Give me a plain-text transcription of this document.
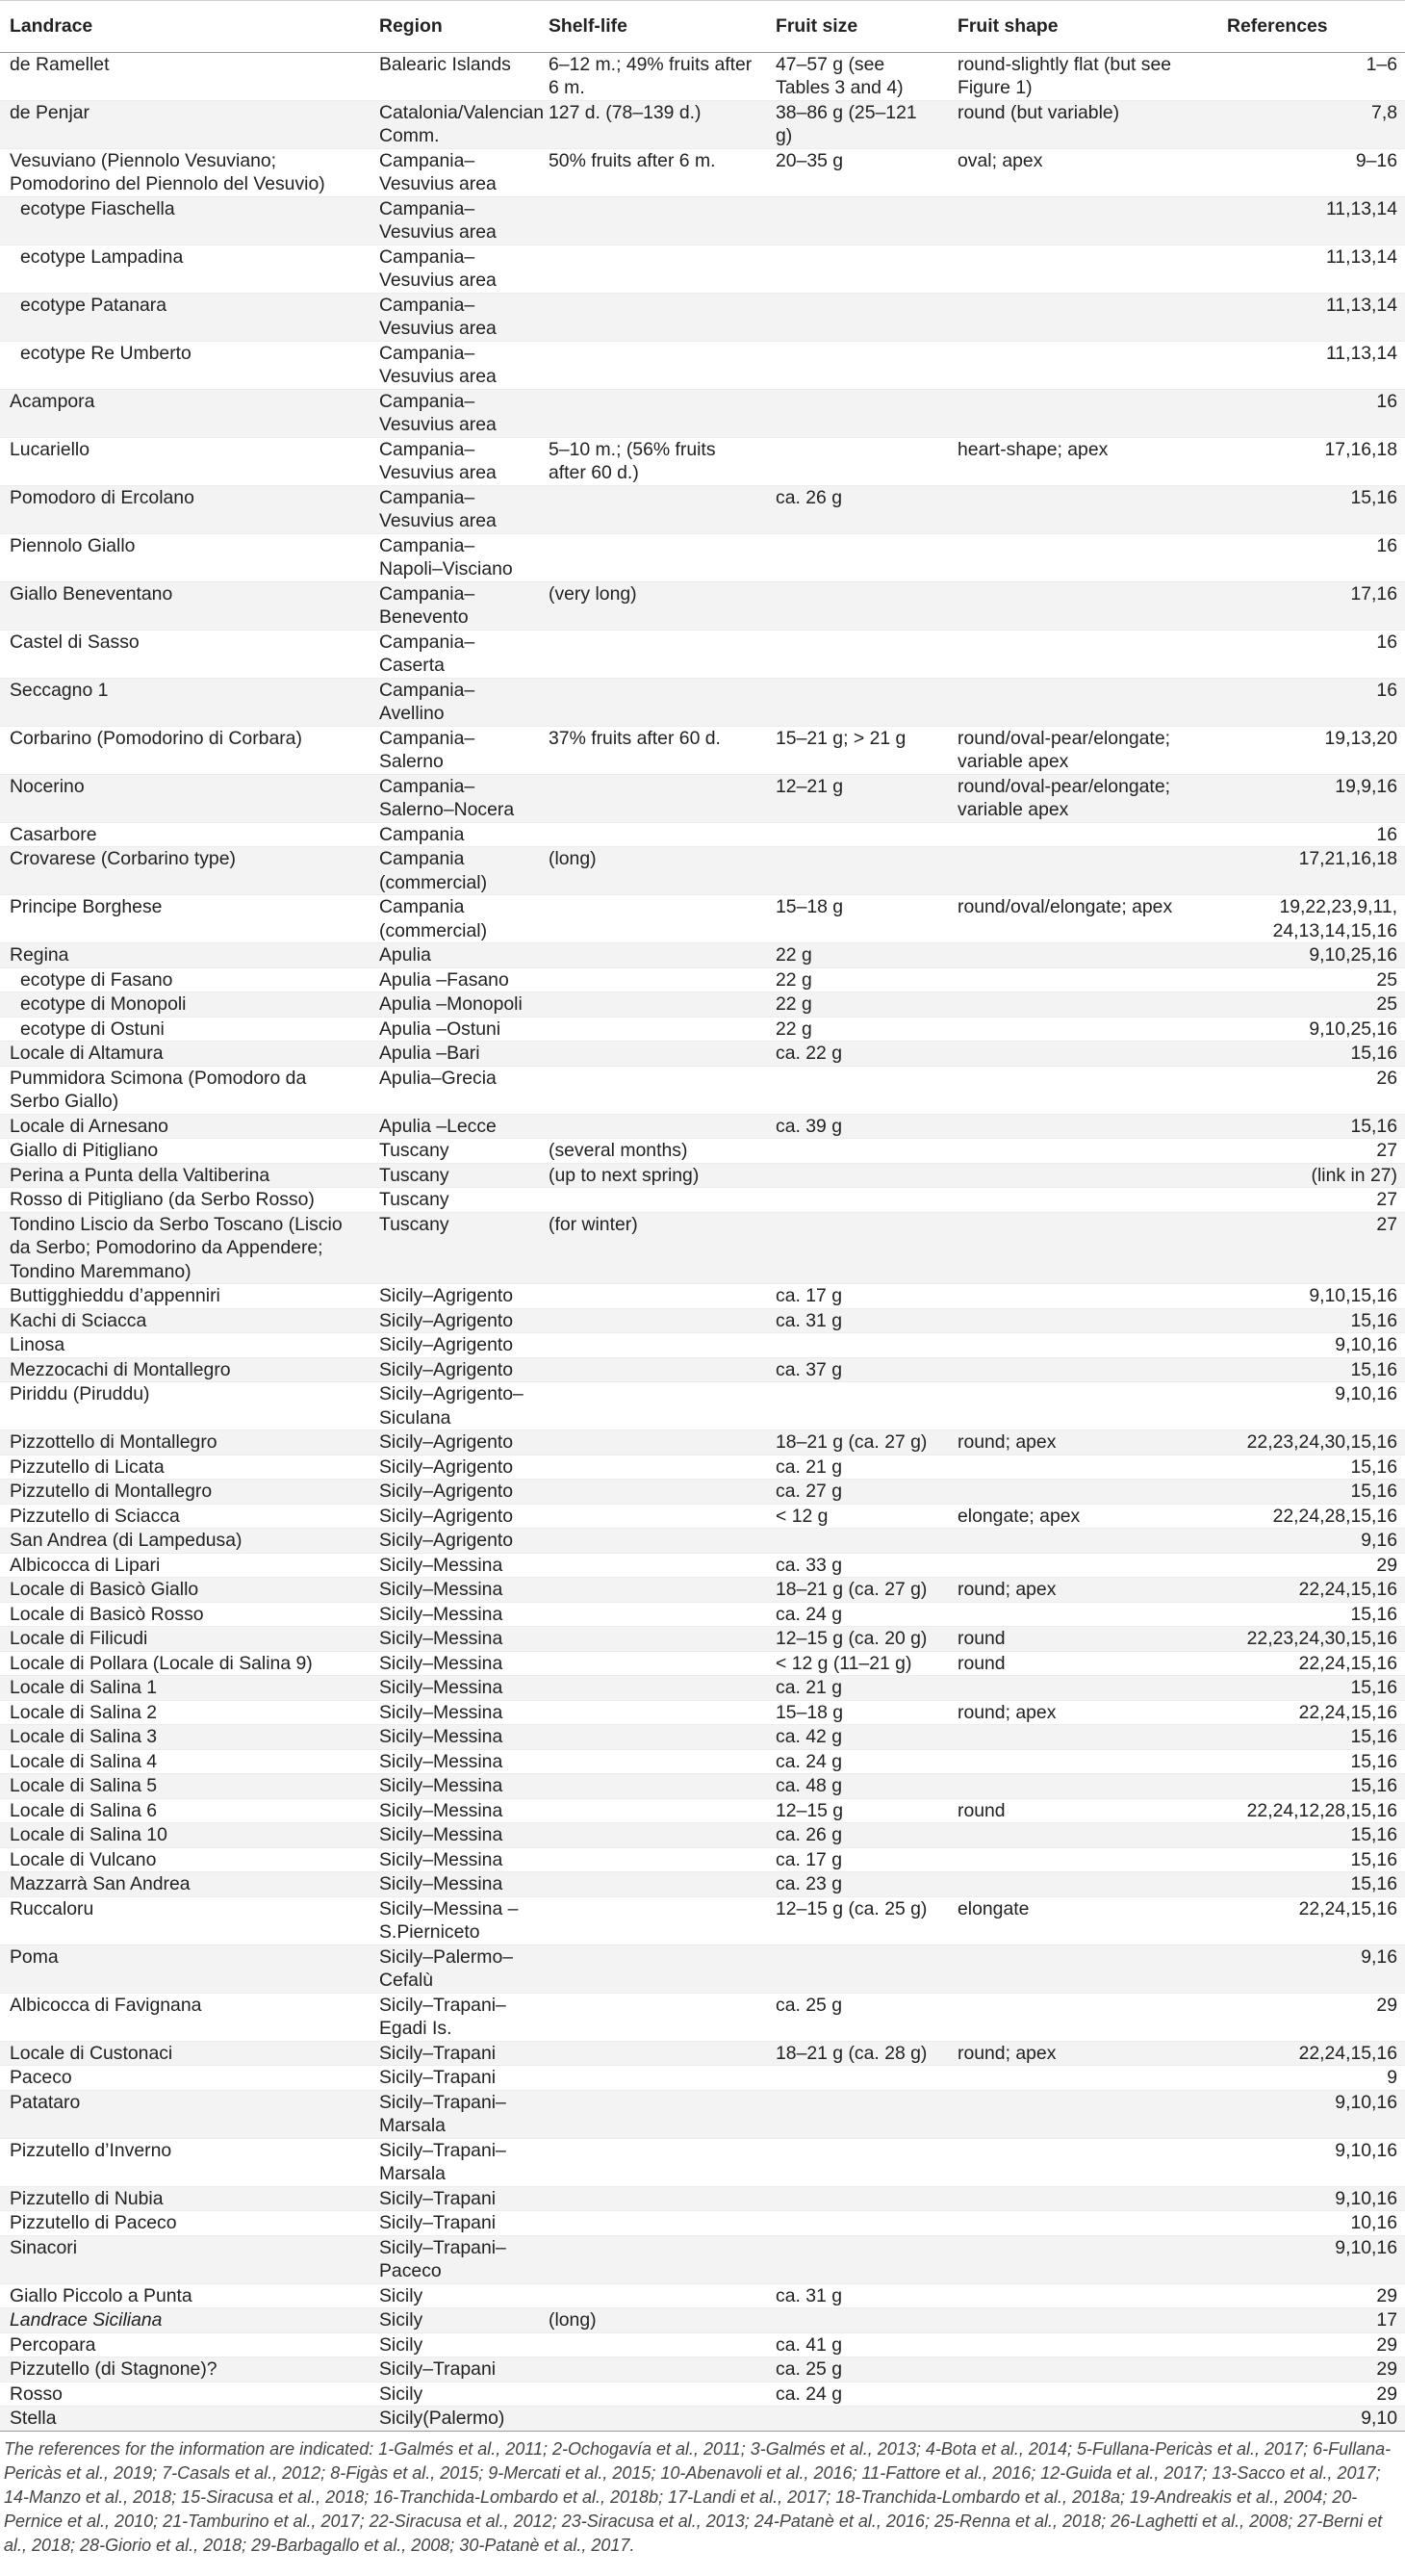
Landrace	Region	Shelf-life	Fruit size	Fruit shape	References
de Ramellet	Balearic Islands	6–12 m.; 49% fruits after 6 m.	47–57 g (see Tables 3 and 4)	round-slightly flat (but see Figure 1)	1–6
de Penjar	Catalonia/Valencian Comm.	127 d. (78–139 d.)	38–86 g (25–121 g)	round (but variable)	7,8
Vesuviano (Piennolo Vesuviano; Pomodorino del Piennolo del Vesuvio)	Campania–Vesuvius area	50% fruits after 6 m.	20–35 g	oval; apex	9–16
ecotype Fiaschella	Campania–Vesuvius area				11,13,14
ecotype Lampadina	Campania–Vesuvius area				11,13,14
ecotype Patanara	Campania–Vesuvius area				11,13,14
ecotype Re Umberto	Campania–Vesuvius area				11,13,14
Acampora	Campania–Vesuvius area				16
Lucariello	Campania–Vesuvius area	5–10 m.; (56% fruits after 60 d.)		heart-shape; apex	17,16,18
Pomodoro di Ercolano	Campania–Vesuvius area		ca. 26 g		15,16
Piennolo Giallo	Campania–Napoli–Visciano				16
Giallo Beneventano	Campania–Benevento	(very long)			17,16
Castel di Sasso	Campania–Caserta				16
Seccagno 1	Campania–Avellino				16
Corbarino (Pomodorino di Corbara)	Campania–Salerno	37% fruits after 60 d.	15–21 g; > 21 g	round/oval-pear/elongate; variable apex	19,13,20
Nocerino	Campania–Salerno–Nocera		12–21 g	round/oval-pear/elongate; variable apex	19,9,16
Casarbore	Campania				16
Crovarese (Corbarino type)	Campania (commercial)	(long)			17,21,16,18
Principe Borghese	Campania (commercial)		15–18 g	round/oval/elongate; apex	19,22,23,9,11, 24,13,14,15,16
Regina	Apulia		22 g		9,10,25,16
ecotype di Fasano	Apulia –Fasano		22 g		25
ecotype di Monopoli	Apulia –Monopoli		22 g		25
ecotype di Ostuni	Apulia –Ostuni		22 g		9,10,25,16
Locale di Altamura	Apulia –Bari		ca. 22 g		15,16
Pummidora Scimona (Pomodoro da Serbo Giallo)	Apulia–Grecia				26
Locale di Arnesano	Apulia –Lecce		ca. 39 g		15,16
Giallo di Pitigliano	Tuscany	(several months)			27
Perina a Punta della Valtiberina	Tuscany	(up to next spring)			(link in 27)
Rosso di Pitigliano (da Serbo Rosso)	Tuscany				27
Tondino Liscio da Serbo Toscano (Liscio da Serbo; Pomodorino da Appendere; Tondino Maremmano)	Tuscany	(for winter)			27
Buttigghieddu d’appenniri	Sicily–Agrigento		ca. 17 g		9,10,15,16
Kachi di Sciacca	Sicily–Agrigento		ca. 31 g		15,16
Linosa	Sicily–Agrigento				9,10,16
Mezzocachi di Montallegro	Sicily–Agrigento		ca. 37 g		15,16
Piriddu (Piruddu)	Sicily–Agrigento–Siculana				9,10,16
Pizzottello di Montallegro	Sicily–Agrigento		18–21 g (ca. 27 g)	round; apex	22,23,24,30,15,16
Pizzutello di Licata	Sicily–Agrigento		ca. 21 g		15,16
Pizzutello di Montallegro	Sicily–Agrigento		ca. 27 g		15,16
Pizzutello di Sciacca	Sicily–Agrigento		< 12 g	elongate; apex	22,24,28,15,16
San Andrea (di Lampedusa)	Sicily–Agrigento				9,16
Albicocca di Lipari	Sicily–Messina		ca. 33 g		29
Locale di Basicò Giallo	Sicily–Messina		18–21 g (ca. 27 g)	round; apex	22,24,15,16
Locale di Basicò Rosso	Sicily–Messina		ca. 24 g		15,16
Locale di Filicudi	Sicily–Messina		12–15 g (ca. 20 g)	round	22,23,24,30,15,16
Locale di Pollara (Locale di Salina 9)	Sicily–Messina		< 12 g (11–21 g)	round	22,24,15,16
Locale di Salina 1	Sicily–Messina		ca. 21 g		15,16
Locale di Salina 2	Sicily–Messina		15–18 g	round; apex	22,24,15,16
Locale di Salina 3	Sicily–Messina		ca. 42 g		15,16
Locale di Salina 4	Sicily–Messina		ca. 24 g		15,16
Locale di Salina 5	Sicily–Messina		ca. 48 g		15,16
Locale di Salina 6	Sicily–Messina		12–15 g	round	22,24,12,28,15,16
Locale di Salina 10	Sicily–Messina		ca. 26 g		15,16
Locale di Vulcano	Sicily–Messina		ca. 17 g		15,16
Mazzarrà San Andrea	Sicily–Messina		ca. 23 g		15,16
Ruccaloru	Sicily–Messina – S.Pierniceto		12–15 g (ca. 25 g)	elongate	22,24,15,16
Poma	Sicily–Palermo–Cefalù				9,16
Albicocca di Favignana	Sicily–Trapani–Egadi Is.		ca. 25 g		29
Locale di Custonaci	Sicily–Trapani		18–21 g (ca. 28 g)	round; apex	22,24,15,16
Paceco	Sicily–Trapani				9
Patataro	Sicily–Trapani–Marsala				9,10,16
Pizzutello d’Inverno	Sicily–Trapani–Marsala				9,10,16
Pizzutello di Nubia	Sicily–Trapani				9,10,16
Pizzutello di Paceco	Sicily–Trapani				10,16
Sinacori	Sicily–Trapani–Paceco				9,10,16
Giallo Piccolo a Punta	Sicily		ca. 31 g		29
Landrace Siciliana	Sicily	(long)			17
Percopara	Sicily		ca. 41 g		29
Pizzutello (di Stagnone)?	Sicily–Trapani		ca. 25 g		29
Rosso	Sicily		ca. 24 g		29
Stella	Sicily(Palermo)				9,10
The references for the information are indicated: 1-Galmés et al., 2011; 2-Ochogavía et al., 2011; 3-Galmés et al., 2013; 4-Bota et al., 2014; 5-Fullana-Pericàs et al., 2017; 6-Fullana-Pericàs et al., 2019; 7-Casals et al., 2012; 8-Figàs et al., 2015; 9-Mercati et al., 2015; 10-Abenavoli et al., 2016; 11-Fattore et al., 2016; 12-Guida et al., 2017; 13-Sacco et al., 2017; 14-Manzo et al., 2018; 15-Siracusa et al., 2018; 16-Tranchida-Lombardo et al., 2018b; 17-Landi et al., 2017; 18-Tranchida-Lombardo et al., 2018a; 19-Andreakis et al., 2004; 20-Pernice et al., 2010; 21-Tamburino et al., 2017; 22-Siracusa et al., 2012; 23-Siracusa et al., 2013; 24-Patanè et al., 2016; 25-Renna et al., 2018; 26-Laghetti et al., 2008; 27-Berni et al., 2018; 28-Giorio et al., 2018; 29-Barbagallo et al., 2008; 30-Patanè et al., 2017.
